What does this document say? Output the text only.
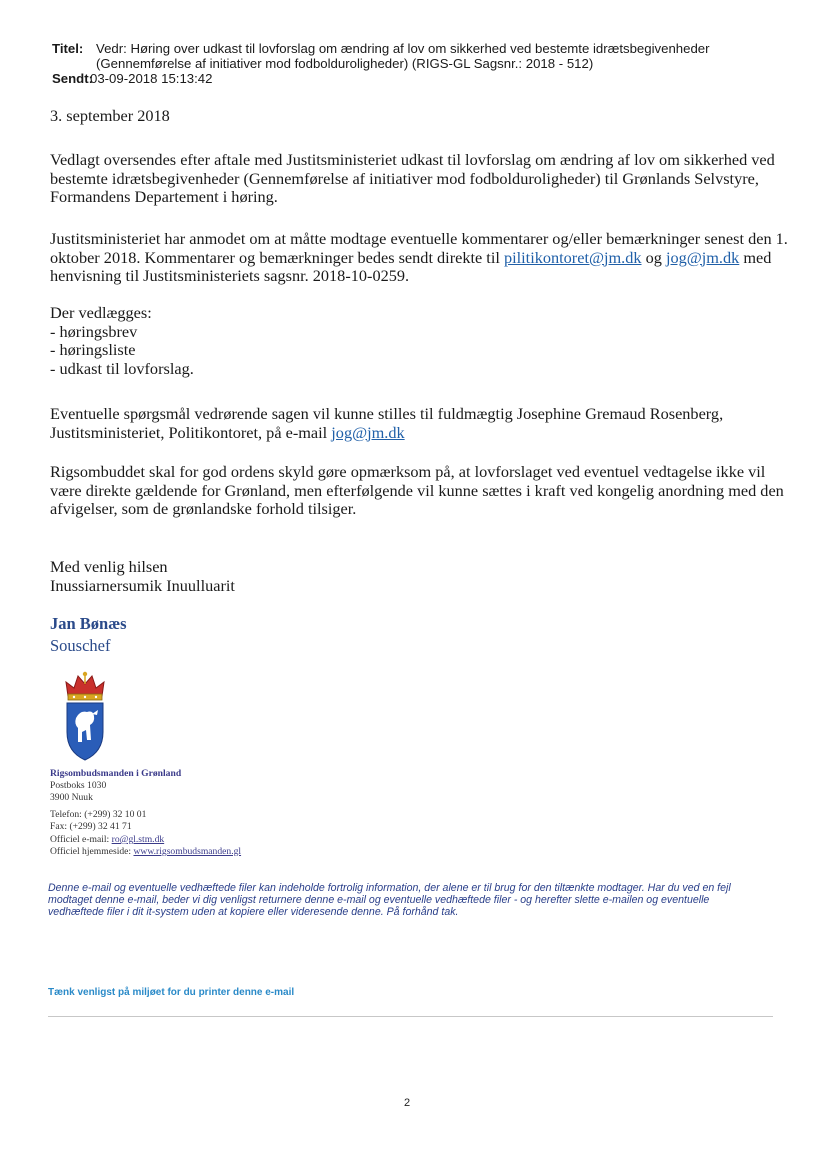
Titel: Vedr: Høring over udkast til lovforslag om ændring af lov om sikkerhed ved bestemte idrætsbegivenheder
(Gennemførelse af initiativer mod fodbolduroligheder) (RIGS-GL Sagsnr.: 2018 - 512)
Sendt:
03-09-2018 15:13:42

3. september 2018

Vedlagt oversendes efter aftale med Justitsministeriet udkast til lovforslag om ændring af lov om sikkerhed ved bestemte idrætsbegivenheder (Gennemførelse af initiativer mod fodbolduroligheder) til Grønlands Selvstyre, Formandens Departement i høring.

Justitsministeriet har anmodet om at måtte modtage eventuelle kommentarer og/eller bemærkninger senest den 1. oktober 2018. Kommentarer og bemærkninger bedes sendt direkte til pilitikontoret@jm.dk og jog@jm.dk med henvisning til Justitsministeriets sagsnr. 2018-10-0259.

Der vedlægges:
- høringsbrev
- høringsliste
- udkast til lovforslag.

Eventuelle spørgsmål vedrørende sagen vil kunne stilles til fuldmægtig Josephine Gremaud Rosenberg, Justitsministeriet, Politikontoret, på e-mail jog@jm.dk

Rigsombuddet skal for god ordens skyld gøre opmærksom på, at lovforslaget ved eventuel vedtagelse ikke vil være direkte gældende for Grønland, men efterfølgende vil kunne sættes i kraft ved kongelig anordning med den afvigelser, som de grønlandske forhold tilsiger.

Med venlig hilsen
Inussiarnersumik Inuulluarit
Jan Bønæs
Souschef
Rigsombudsmanden i Grønland
Postboks 1030
3900 Nuuk
Telefon: (+299) 32 10 01
Fax: (+299) 32 41 71
Officiel e-mail: ro@gl.stm.dk
Officiel hjemmeside: www.rigsombudsmanden.gl

Denne e-mail og eventuelle vedhæftede filer kan indeholde fortrolig information, der alene er til brug for den tiltænkte modtager. Har du ved en fejl modtaget denne e-mail, beder vi dig venligst returnere denne e-mail og eventuelle vedhæftede filer - og herefter slette e-mailen og eventuelle vedhæftede filer i dit it-system uden at kopiere eller videresende denne. På forhånd tak.

Tænk venligst på miljøet for du printer denne e-mail
2
